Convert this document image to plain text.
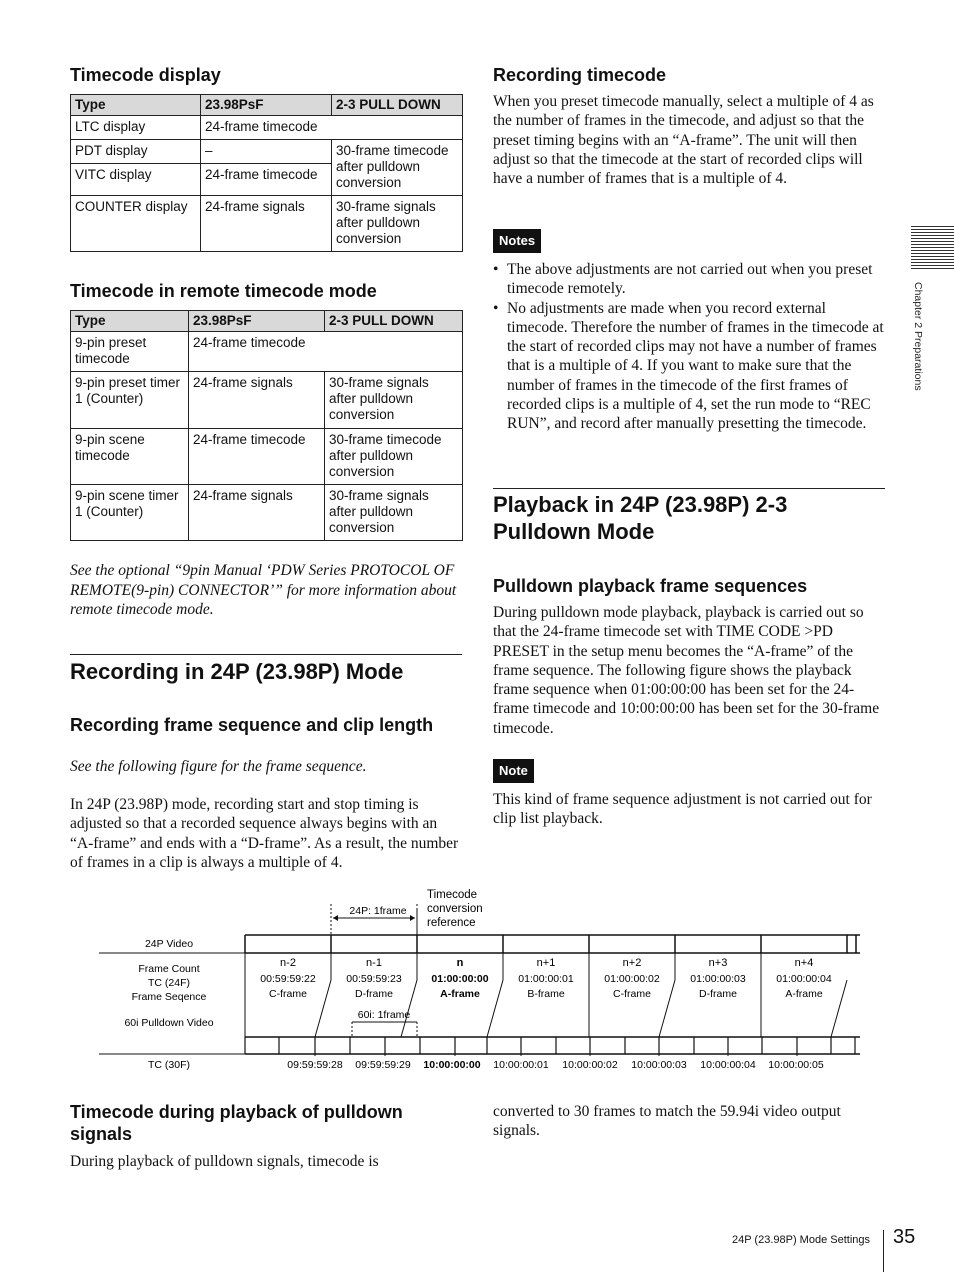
Timecode display
Type	23.98PsF	2-3 PULL DOWN
LTC display	24-frame timecode	
PDT display	–	30-frame timecode after pulldown conversion
VITC display	24-frame timecode	
COUNTER display	24-frame signals	30-frame signals after pulldown conversion
Timecode in remote timecode mode
Type	23.98PsF	2-3 PULL DOWN
9-pin preset timecode	24-frame timecode	
9-pin preset timer 1 (Counter)	24-frame signals	30-frame signals after pulldown conversion
9-pin scene timecode	24-frame timecode	30-frame timecode after pulldown conversion
9-pin scene timer 1 (Counter)	24-frame signals	30-frame signals after pulldown conversion

See the optional “9pin Manual ‘PDW Series PROTOCOL OF REMOTE(9-pin) CONNECTOR’” for more information about remote timecode mode.

Recording in 24P (23.98P) Mode
Recording frame sequence and clip length

See the following figure for the frame sequence.

In 24P (23.98P) mode, recording start and stop timing is adjusted so that a recorded sequence always begins with an “A-frame” and ends with a “D-frame”. As a result, the number of frames in a clip is always a multiple of 4.

Recording timecode

When you preset timecode manually, select a multiple of 4 as the number of frames in the timecode, and adjust so that the preset timing begins with an “A-frame”. The unit will then adjust so that the timecode at the start of recorded clips will have a number of frames that is a multiple of 4.

Notes
• The above adjustments are not carried out when you preset timecode remotely.
• No adjustments are made when you record external timecode. Therefore the number of frames in the timecode at the start of recorded clips may not have a number of frames that is a multiple of 4. If you want to make sure that the number of frames in the timecode of the first frames of recorded clips is a multiple of 4, set the run mode to “REC RUN”, and record after manually presetting the timecode.
Playback in 24P (23.98P) 2-3 Pulldown Mode
Pulldown playback frame sequences

During pulldown mode playback, playback is carried out so that the 24-frame timecode set with TIME CODE >PD PRESET in the setup menu becomes the “A-frame” of the frame sequence. The following figure shows the playback frame sequence when 01:00:00:00 has been set for the 24-frame timecode and 10:00:00:00 has been set for the 30-frame timecode.

Note

This kind of frame sequence adjustment is not carried out for clip list playback.

Chapter 2 Preparations
n-2
00:59:59:22
C-frame
n-1
00:59:59:23
D-frame
n
01:00:00:00
A-frame
n+1
01:00:00:01
B-frame
n+2
01:00:00:02
C-frame
n+3
01:00:00:03
D-frame
n+4
01:00:00:04
A-frame
09:59:59:28 09:59:59:29 10:00:00:00 10:00:00:01 10:00:00:02 10:00:00:03 10:00:00:04 10:00:00:05
24P Video
Frame Count
TC (24F)
Frame Seqence
60i Pulldown Video
TC (30F)
24P: 1frame
Timecode
conversion
reference
60i: 1frame
Timecode during playback of pulldown signals

During playback of pulldown signals, timecode is

converted to 30 frames to match the 59.94i video output signals.

24P (23.98P) Mode Settings 35
